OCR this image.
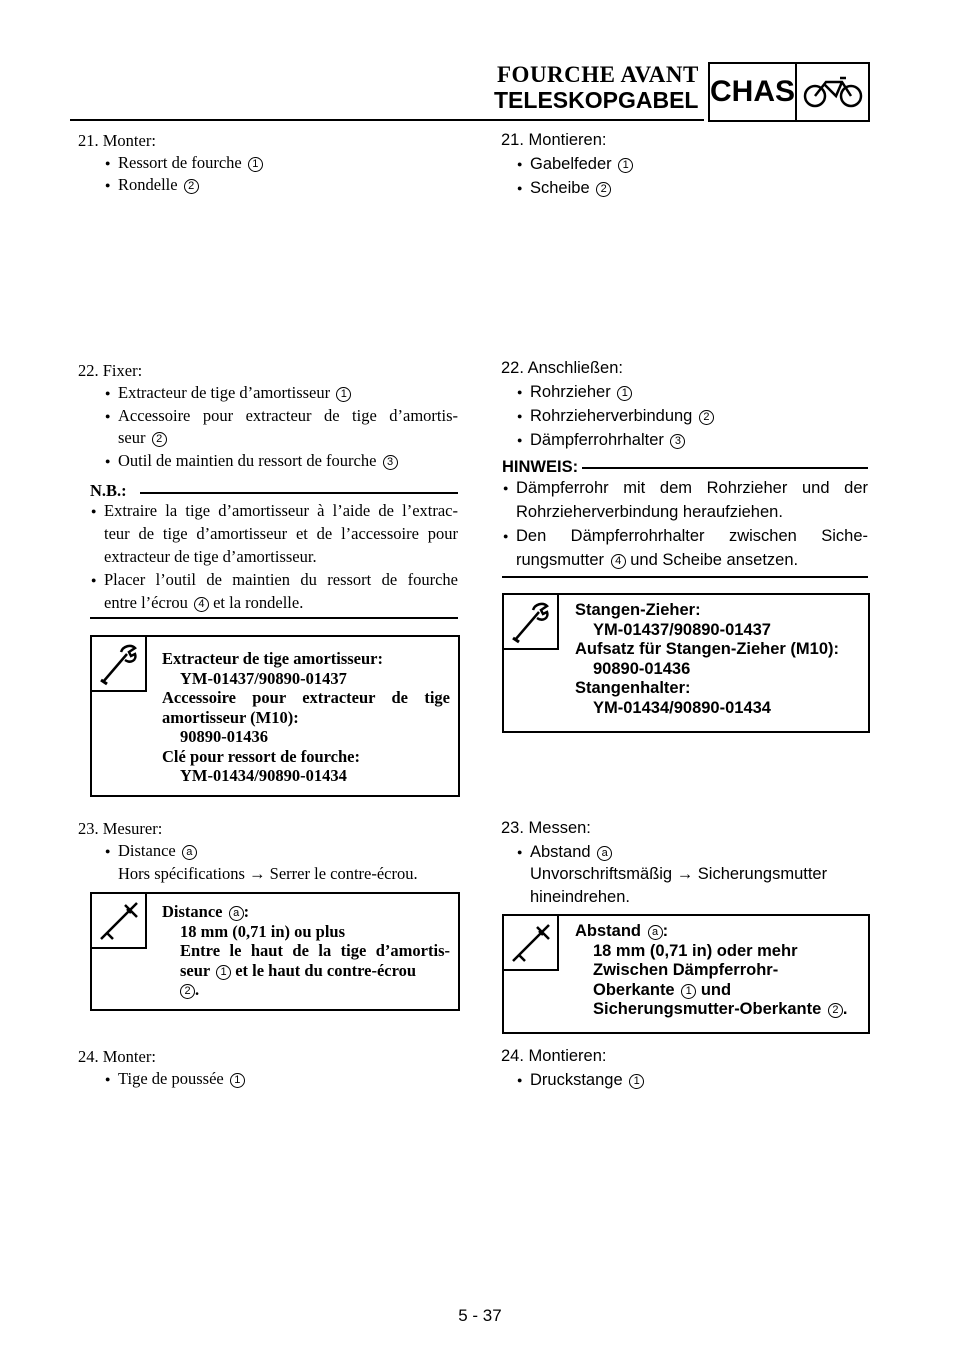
FOURCHE AVANT
TELESKOPGABEL CHAS
21. Monter:
● Ressort de fourche 1
● Rondelle 2
22. Fixer:
● Extracteur de tige d’amortisseur 1
● Accessoire pour extracteur de tige d’amortis-
seur 2
● Outil de maintien du ressort de fourche 3
N.B.:
● Extraire la tige d’amortisseur à l’aide de l’extrac-
teur de tige d’amortisseur et de l’accessoire pour
extracteur de tige d’amortisseur.
● Placer l’outil de maintien du ressort de fourche
entre l’écrou 4 et la rondelle.
Extracteur de tige amortisseur:
YM-01437/90890-01437
Accessoire pour extracteur de tige
amortisseur (M10):
90890-01436
Clé pour ressort de fourche:
YM-01434/90890-01434
23. Mesurer:
● Distance a
Hors spécifications → Serrer le contre-écrou.
Distance a :
18 mm (0,71 in) ou plus
Entre le haut de la tige d’amortis-
seur 1 et le haut du contre-écrou
2 .
24. Monter:
● Tige de poussée 1
21. Montieren:
● Gabelfeder 1
● Scheibe 2
22. Anschließen:
● Rohrzieher 1
● Rohrzieherverbindung 2
● Dämpferrohrhalter 3
HINWEIS:
● Dämpferrohr mit dem Rohrzieher und der
Rohrzieherverbindung heraufziehen.
● Den Dämpferrohrhalter zwischen Siche-
rungsmutter 4 und Scheibe ansetzen.
Stangen-Zieher:
YM-01437/90890-01437
Aufsatz für Stangen-Zieher (M10):
90890-01436
Stangenhalter:
YM-01434/90890-01434
23. Messen:
● Abstand a
Unvorschriftsmäßig → Sicherungsmutter
hineindrehen.
Abstand a :
18 mm (0,71 in) oder mehr
Zwischen Dämpferrohr-
Oberkante 1 und
Sicherungsmutter-Oberkante 2 .
24. Montieren:
● Druckstange 1
5 - 37
